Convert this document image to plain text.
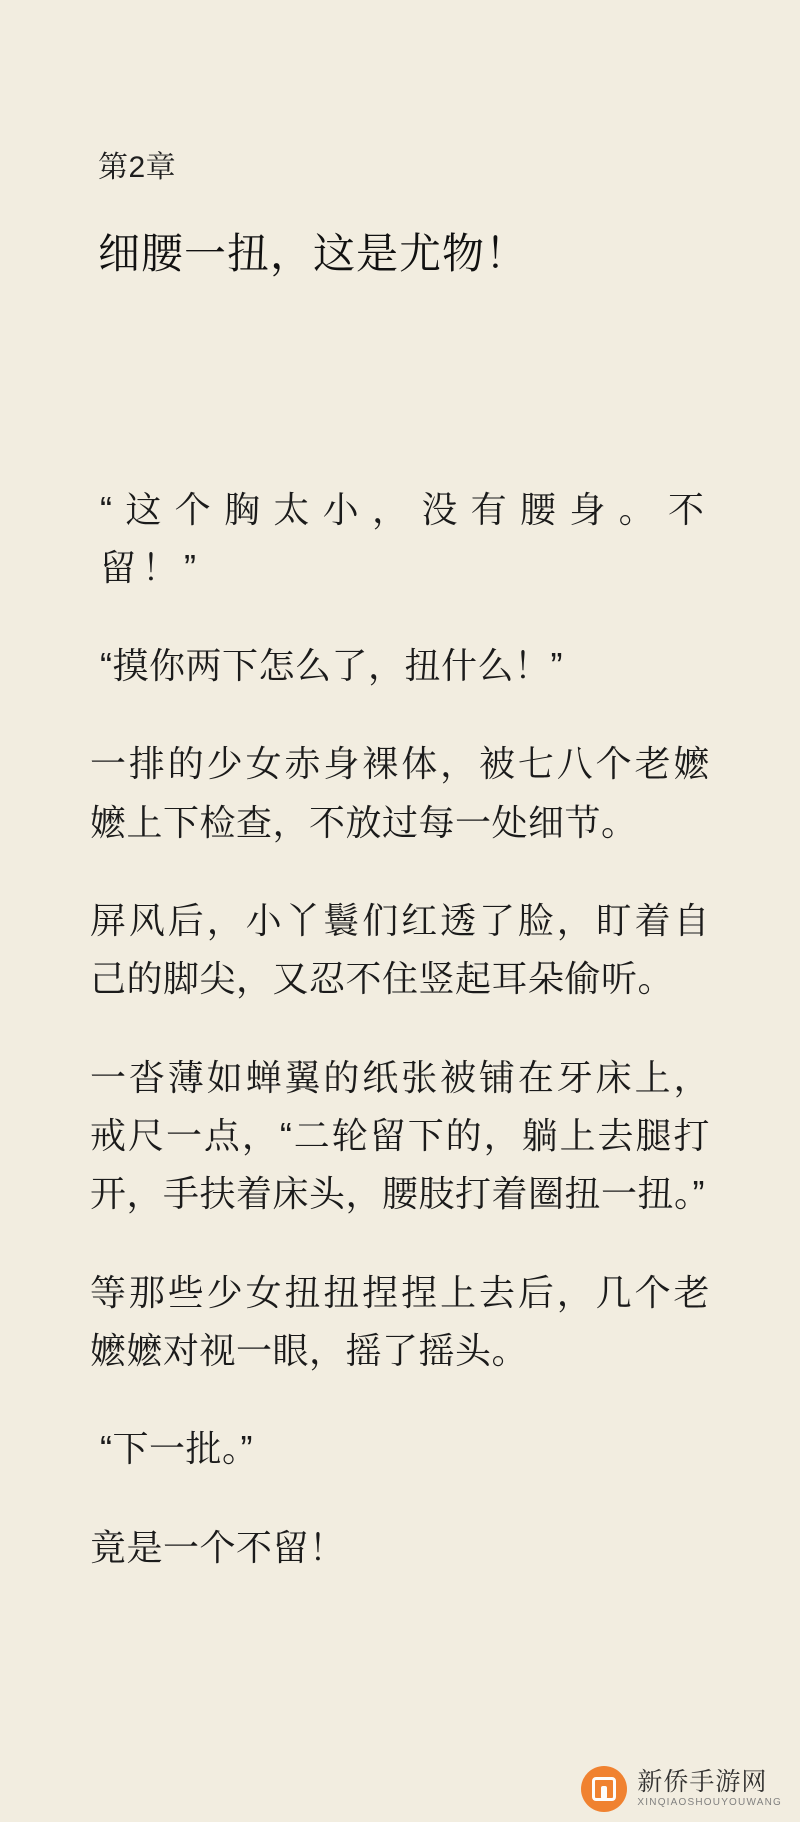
第2章
细腰一扭，这是尤物！

“这个胸太小，没有腰身。不留！”

“摸你两下怎么了，扭什么！”

一排的少女赤身裸体，被七八个老嬷嬷上下检查，不放过每一处细节。

屏风后，小丫鬟们红透了脸，盯着自己的脚尖，又忍不住竖起耳朵偷听。

一沓薄如蝉翼的纸张被铺在牙床上，戒尺一点，“二轮留下的，躺上去腿打开，手扶着床头，腰肢打着圈扭一扭。”

等那些少女扭扭捏捏上去后，几个老嬷嬷对视一眼，摇了摇头。

“下一批。”

竟是一个不留！

新侨手游网
XINQIAOSHOUYOUWANG
